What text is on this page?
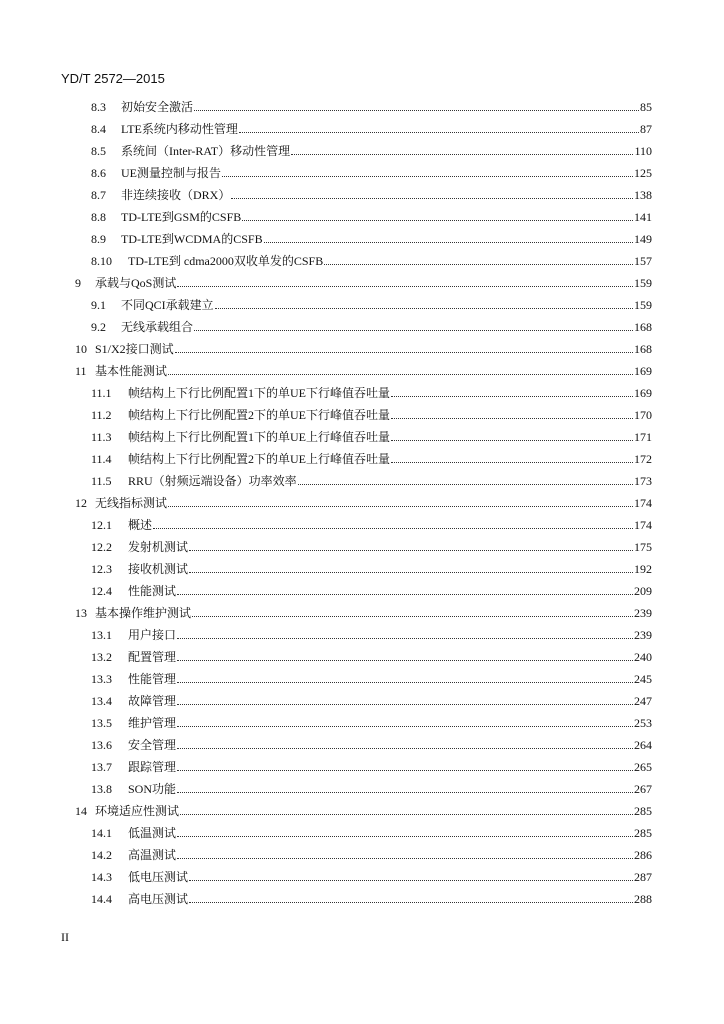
YD/T 2572—2015
8.3 初始安全激活	85
8.4 LTE系统内移动性管理	87
8.5 系统间（Inter-RAT）移动性管理	110
8.6 UE测量控制与报告	125
8.7 非连续接收（DRX）	138
8.8 TD-LTE到GSM的CSFB	141
8.9 TD-LTE到WCDMA的CSFB	149
8.10 TD-LTE到 cdma2000双收单发的CSFB	157
9 承载与QoS测试	159
9.1 不同QCI承载建立	159
9.2 无线承载组合	168
10 S1/X2接口测试	168
11 基本性能测试	169
11.1 帧结构上下行比例配置1下的单UE下行峰值吞吐量	169
11.2 帧结构上下行比例配置2下的单UE下行峰值吞吐量	170
11.3 帧结构上下行比例配置1下的单UE上行峰值吞吐量	171
11.4 帧结构上下行比例配置2下的单UE上行峰值吞吐量	172
11.5 RRU（射频远端设备）功率效率	173
12 无线指标测试	174
12.1 概述	174
12.2 发射机测试	175
12.3 接收机测试	192
12.4 性能测试	209
13 基本操作维护测试	239
13.1 用户接口	239
13.2 配置管理	240
13.3 性能管理	245
13.4 故障管理	247
13.5 维护管理	253
13.6 安全管理	264
13.7 跟踪管理	265
13.8 SON功能	267
14 环境适应性测试	285
14.1 低温测试	285
14.2 高温测试	286
14.3 低电压测试	287
14.4 高电压测试	288
II
